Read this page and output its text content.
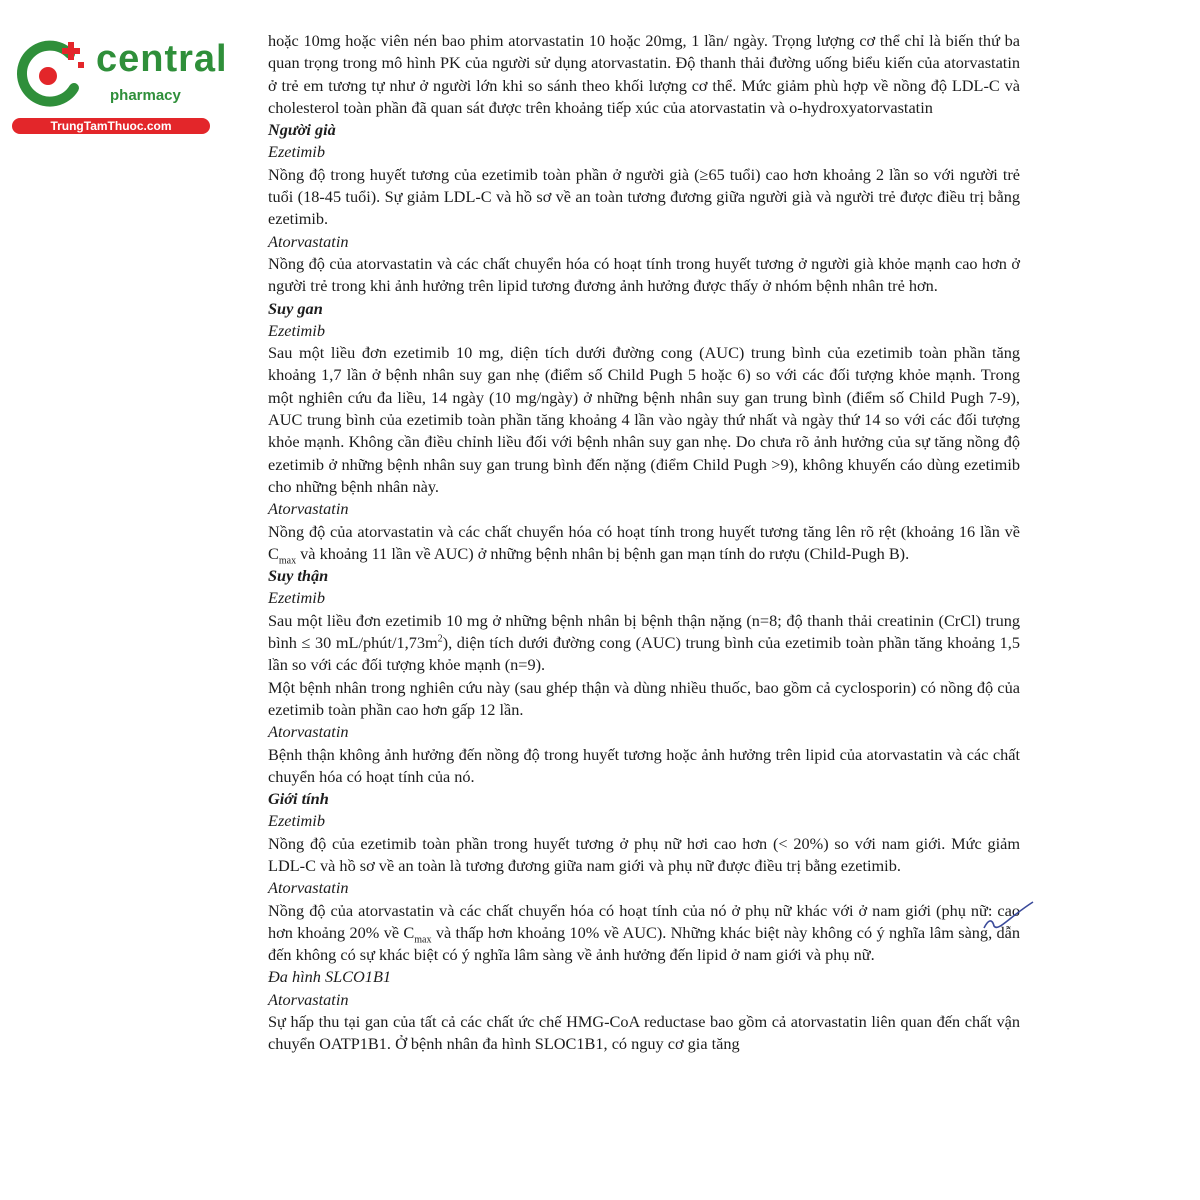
central
pharmacy
TrungTamThuoc.com

hoặc 10mg hoặc viên nén bao phim atorvastatin 10 hoặc 20mg, 1 lần/ ngày. Trọng lượng cơ thể chỉ là biến thứ ba quan trọng trong mô hình PK của người sử dụng atorvastatin. Độ thanh thải đường uống biểu kiến của atorvastatin ở trẻ em tương tự như ở người lớn khi so sánh theo khối lượng cơ thể. Mức giảm phù hợp về nồng độ LDL-C và cholesterol toàn phần đã quan sát được trên khoảng tiếp xúc của atorvastatin và o-hydroxyatorvastatin

Người già

Ezetimib

Nồng độ trong huyết tương của ezetimib toàn phần ở người già (≥65 tuổi) cao hơn khoảng 2 lần so với người trẻ tuổi (18-45 tuổi). Sự giảm LDL-C và hồ sơ về an toàn tương đương giữa người già và người trẻ được điều trị bằng ezetimib.

Atorvastatin

Nồng độ của atorvastatin và các chất chuyển hóa có hoạt tính trong huyết tương ở người già khỏe mạnh cao hơn ở người trẻ trong khi ảnh hưởng trên lipid tương đương ảnh hưởng được thấy ở nhóm bệnh nhân trẻ hơn.

Suy gan

Ezetimib

Sau một liều đơn ezetimib 10 mg, diện tích dưới đường cong (AUC) trung bình của ezetimib toàn phần tăng khoảng 1,7 lần ở bệnh nhân suy gan nhẹ (điểm số Child Pugh 5 hoặc 6) so với các đối tượng khỏe mạnh. Trong một nghiên cứu đa liều, 14 ngày (10 mg/ngày) ở những bệnh nhân suy gan trung bình (điểm số Child Pugh 7-9), AUC trung bình của ezetimib toàn phần tăng khoảng 4 lần vào ngày thứ nhất và ngày thứ 14 so với các đối tượng khỏe mạnh. Không cần điều chỉnh liều đối với bệnh nhân suy gan nhẹ. Do chưa rõ ảnh hưởng của sự tăng nồng độ ezetimib ở những bệnh nhân suy gan trung bình đến nặng (điểm Child Pugh >9), không khuyến cáo dùng ezetimib cho những bệnh nhân này.

Atorvastatin

Nồng độ của atorvastatin và các chất chuyển hóa có hoạt tính trong huyết tương tăng lên rõ rệt (khoảng 16 lần về $C_{max}$ và khoảng 11 lần về AUC) ở những bệnh nhân bị bệnh gan mạn tính do rượu (Child-Pugh B).

Suy thận

Ezetimib

Sau một liều đơn ezetimib 10 mg ở những bệnh nhân bị bệnh thận nặng (n=8; độ thanh thải creatinin (CrCl) trung bình ≤ 30 $mL/phút/1,73m^2$), diện tích dưới đường cong (AUC) trung bình của ezetimib toàn phần tăng khoảng 1,5 lần so với các đối tượng khỏe mạnh (n=9).

Một bệnh nhân trong nghiên cứu này (sau ghép thận và dùng nhiều thuốc, bao gồm cả cyclosporin) có nồng độ của ezetimib toàn phần cao hơn gấp 12 lần.

Atorvastatin

Bệnh thận không ảnh hưởng đến nồng độ trong huyết tương hoặc ảnh hưởng trên lipid của atorvastatin và các chất chuyển hóa có hoạt tính của nó.

Giới tính

Ezetimib

Nồng độ của ezetimib toàn phần trong huyết tương ở phụ nữ hơi cao hơn (< 20%) so với nam giới. Mức giảm LDL-C và hồ sơ về an toàn là tương đương giữa nam giới và phụ nữ được điều trị bằng ezetimib.

Atorvastatin

Nồng độ của atorvastatin và các chất chuyển hóa có hoạt tính của nó ở phụ nữ khác với ở nam giới (phụ nữ: cao hơn khoảng 20% về $C_{max}$ và thấp hơn khoảng 10% về AUC). Những khác biệt này không có ý nghĩa lâm sàng, dẫn đến không có sự khác biệt có ý nghĩa lâm sàng về ảnh hưởng đến lipid ở nam giới và phụ nữ.

Đa hình SLCO1B1

Atorvastatin

Sự hấp thu tại gan của tất cả các chất ức chế HMG-CoA reductase bao gồm cả atorvastatin liên quan đến chất vận chuyển OATP1B1. Ở bệnh nhân đa hình SLOC1B1, có nguy cơ gia tăng
